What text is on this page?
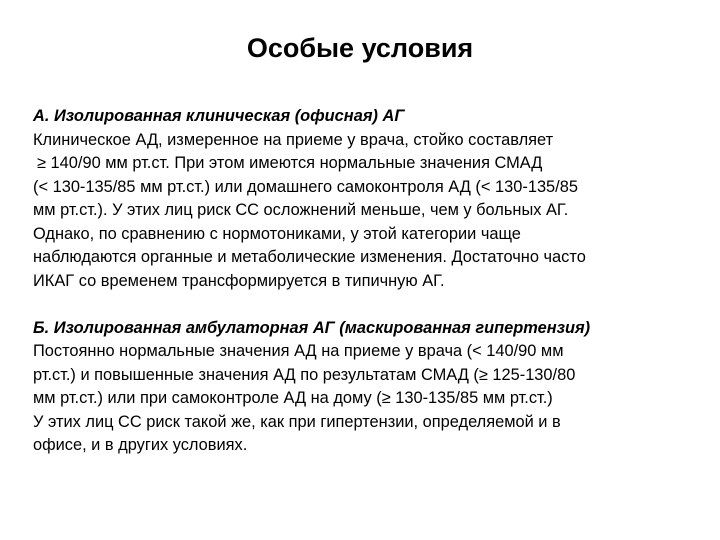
Особые условия

А. Изолированная клиническая (офисная) АГ
Клиническое АД, измеренное на приеме у врача, стойко составляет
≥ 140/90 мм рт.ст. При этом имеются нормальные значения СМАД
(< 130-135/85 мм рт.ст.) или домашнего самоконтроля АД (< 130-135/85
мм рт.ст.). У этих лиц риск СС осложнений меньше, чем у больных АГ.
Однако, по сравнению с нормотониками, у этой категории чаще
наблюдаются органные и метаболические изменения. Достаточно часто
ИКАГ со временем трансформируется в типичную АГ.

Б. Изолированная амбулаторная АГ (маскированная гипертензия)
Постоянно нормальные значения АД на приеме у врача (< 140/90 мм
рт.ст.) и повышенные значения АД по результатам СМАД (≥ 125-130/80
мм рт.ст.) или при самоконтроле АД на дому (≥ 130-135/85 мм рт.ст.)
У этих лиц СС риск такой же, как при гипертензии, определяемой и в
офисе, и в других условиях.
